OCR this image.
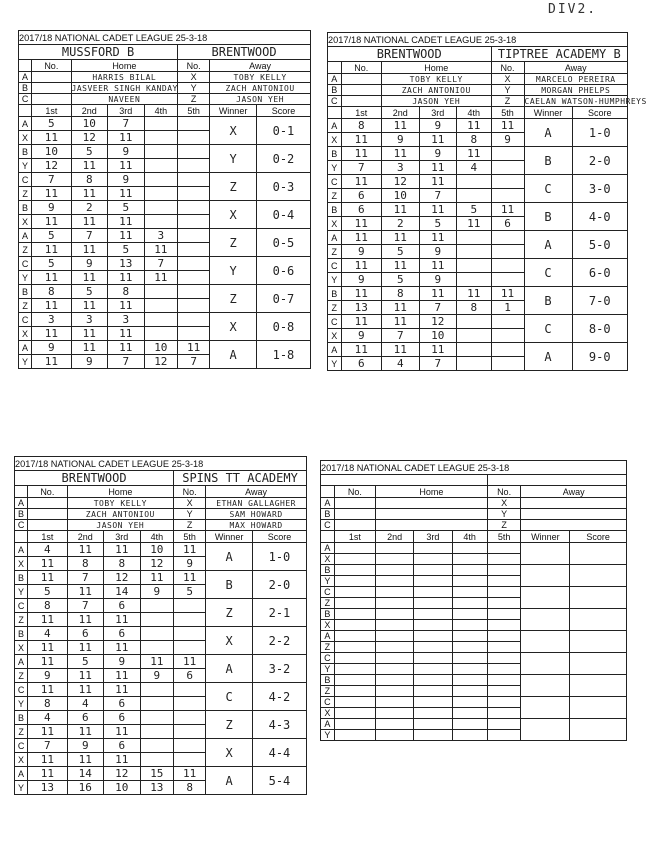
DIV2.
2017/18 NATIONAL CADET LEAGUE 25-3-18							
MUSSFORD B					BRENTWOOD		
	No.	Home			No.	Away	
A		HARRIS BILAL			X	TOBY KELLY	
B		JASVEER SINGH KANDAY			Y	ZACH ANTONIOU	
C		NAVEEN			Z	JASON YEH	
	1st	2nd	3rd	4th	5th	Winner	Score
A	5	10	7			X	0-1
X	11	12	11				
B	10	5	9			Y	0-2
Y	12	11	11				
C	7	8	9			Z	0-3
Z	11	11	11				
B	9	2	5			X	0-4
X	11	11	11				
A	5	7	11	3		Z	0-5
Z	11	11	5	11			
C	5	9	13	7		Y	0-6
Y	11	11	11	11			
B	8	5	8			Z	0-7
Z	11	11	11				
C	3	3	3			X	0-8
X	11	11	11				
A	9	11	11	10	11	A	1-8
Y	11	9	7	12	7		
2017/18 NATIONAL CADET LEAGUE 25-3-18							
BRENTWOOD					TIPTREE ACADEMY B		
	No.	Home			No.	Away	
A		TOBY KELLY			X	MARCELO PEREIRA	
B		ZACH ANTONIOU			Y	MORGAN PHELPS	
C		JASON YEH			Z	CAELAN WATSON-HUMPHREYS	
	1st	2nd	3rd	4th	5th	Winner	Score
A	8	11	9	11	11	A	1-0
X	11	9	11	8	9		
B	11	11	9	11		B	2-0
Y	7	3	11	4			
C	11	12	11			C	3-0
Z	6	10	7				
B	6	11	11	5	11	B	4-0
X	11	2	5	11	6		
A	11	11	11			A	5-0
Z	9	5	9				
C	11	11	11			C	6-0
Y	9	5	9				
B	11	8	11	11	11	B	7-0
Z	13	11	7	8	1		
C	11	11	12			C	8-0
X	9	7	10				
A	11	11	11			A	9-0
Y	6	4	7				
2017/18 NATIONAL CADET LEAGUE 25-3-18							
BRENTWOOD					SPINS TT ACADEMY		
	No.	Home			No.	Away	
A		TOBY KELLY			X	ETHAN GALLAGHER	
B		ZACH ANTONIOU			Y	SAM HOWARD	
C		JASON YEH			Z	MAX HOWARD	
	1st	2nd	3rd	4th	5th	Winner	Score
A	4	11	11	10	11	A	1-0
X	11	8	8	12	9		
B	11	7	12	11	11	B	2-0
Y	5	11	14	9	5		
C	8	7	6			Z	2-1
Z	11	11	11				
B	4	6	6			X	2-2
X	11	11	11				
A	11	5	9	11	11	A	3-2
Z	9	11	11	9	6		
C	11	11	11			C	4-2
Y	8	4	6				
B	4	6	6			Z	4-3
Z	11	11	11				
C	7	9	6			X	4-4
X	11	11	11				
A	11	14	12	15	11	A	5-4
Y	13	16	10	13	8		
2017/18 NATIONAL CADET LEAGUE 25-3-18							

	No.	Home			No.	Away	
A					X		
B					Y		
C					Z		
	1st	2nd	3rd	4th	5th	Winner	Score
A							
X							
B							
Y							
C							
Z							
B							
X							
A							
Z							
C							
Y							
B							
Z							
C							
X							
A							
Y							
